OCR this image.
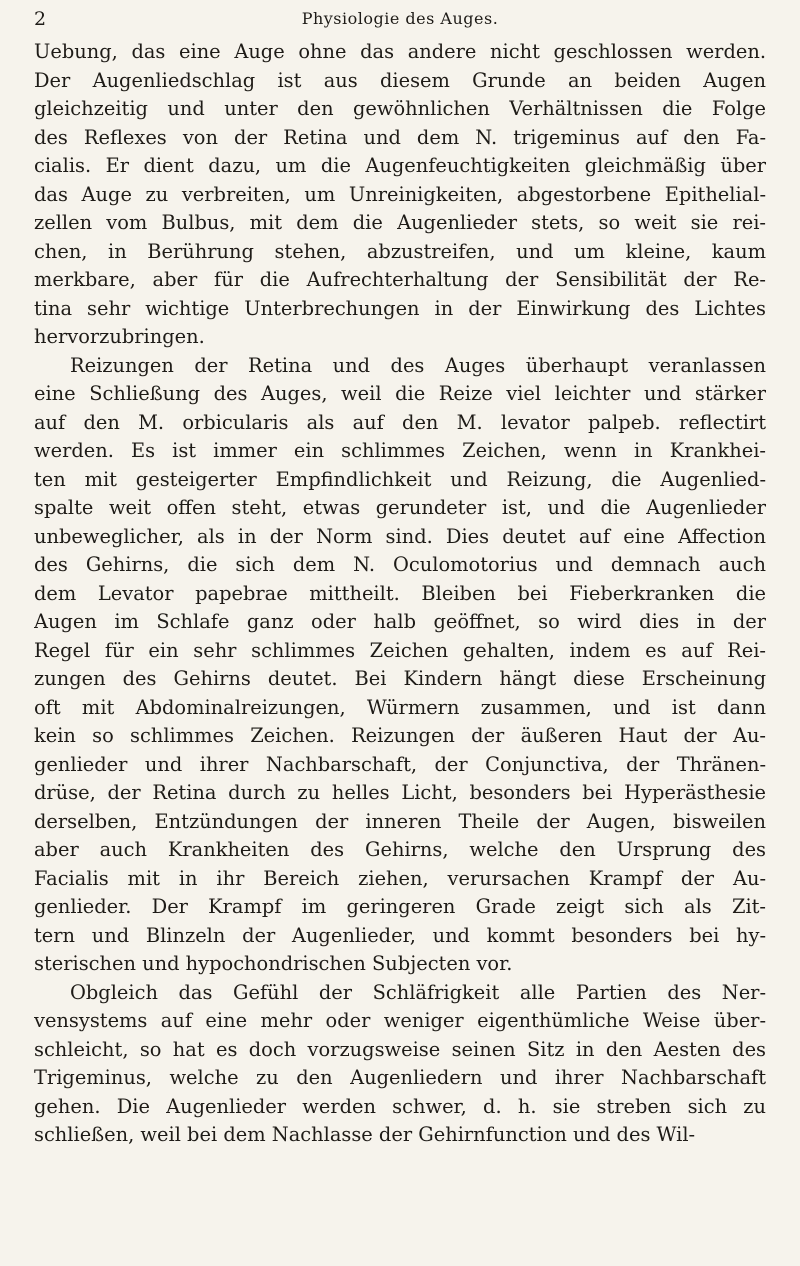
2	Physiologie des Auges.
Uebung, das eine Auge ohne das andere nicht geschlossen werden.
Der Augenliedschlag ist aus diesem Grunde an beiden Augen
gleichzeitig und unter den gewöhnlichen Verhältnissen die Folge
des Reflexes von der Retina und dem N. trigeminus auf den Fa-
cialis. Er dient dazu, um die Augenfeuchtigkeiten gleichmäßig über
das Auge zu verbreiten, um Unreinigkeiten, abgestorbene Epithelial-
zellen vom Bulbus, mit dem die Augenlieder stets, so weit sie rei-
chen, in Berührung stehen, abzustreifen, und um kleine, kaum
merkbare, aber für die Aufrechterhaltung der Sensibilität der Re-
tina sehr wichtige Unterbrechungen in der Einwirkung des Lichtes
hervorzubringen.
Reizungen der Retina und des Auges überhaupt veranlassen
eine Schließung des Auges, weil die Reize viel leichter und stärker
auf den M. orbicularis als auf den M. levator palpeb. reflectirt
werden. Es ist immer ein schlimmes Zeichen, wenn in Krankhei-
ten mit gesteigerter Empfindlichkeit und Reizung, die Augenlied-
spalte weit offen steht, etwas gerundeter ist, und die Augenlieder
unbeweglicher, als in der Norm sind. Dies deutet auf eine Affection
des Gehirns, die sich dem N. Oculomotorius und demnach auch
dem Levator papebrae mittheilt. Bleiben bei Fieberkranken die
Augen im Schlafe ganz oder halb geöffnet, so wird dies in der
Regel für ein sehr schlimmes Zeichen gehalten, indem es auf Rei-
zungen des Gehirns deutet. Bei Kindern hängt diese Erscheinung
oft mit Abdominalreizungen, Würmern zusammen, und ist dann
kein so schlimmes Zeichen. Reizungen der äußeren Haut der Au-
genlieder und ihrer Nachbarschaft, der Conjunctiva, der Thränen-
drüse, der Retina durch zu helles Licht, besonders bei Hyperästhesie
derselben, Entzündungen der inneren Theile der Augen, bisweilen
aber auch Krankheiten des Gehirns, welche den Ursprung des
Facialis mit in ihr Bereich ziehen, verursachen Krampf der Au-
genlieder. Der Krampf im geringeren Grade zeigt sich als Zit-
tern und Blinzeln der Augenlieder, und kommt besonders bei hy-
sterischen und hypochondrischen Subjecten vor.
Obgleich das Gefühl der Schläfrigkeit alle Partien des Ner-
vensystems auf eine mehr oder weniger eigenthümliche Weise über-
schleicht, so hat es doch vorzugsweise seinen Sitz in den Aesten des
Trigeminus, welche zu den Augenliedern und ihrer Nachbarschaft
gehen. Die Augenlieder werden schwer, d. h. sie streben sich zu
schließen, weil bei dem Nachlasse der Gehirnfunction und des Wil-
